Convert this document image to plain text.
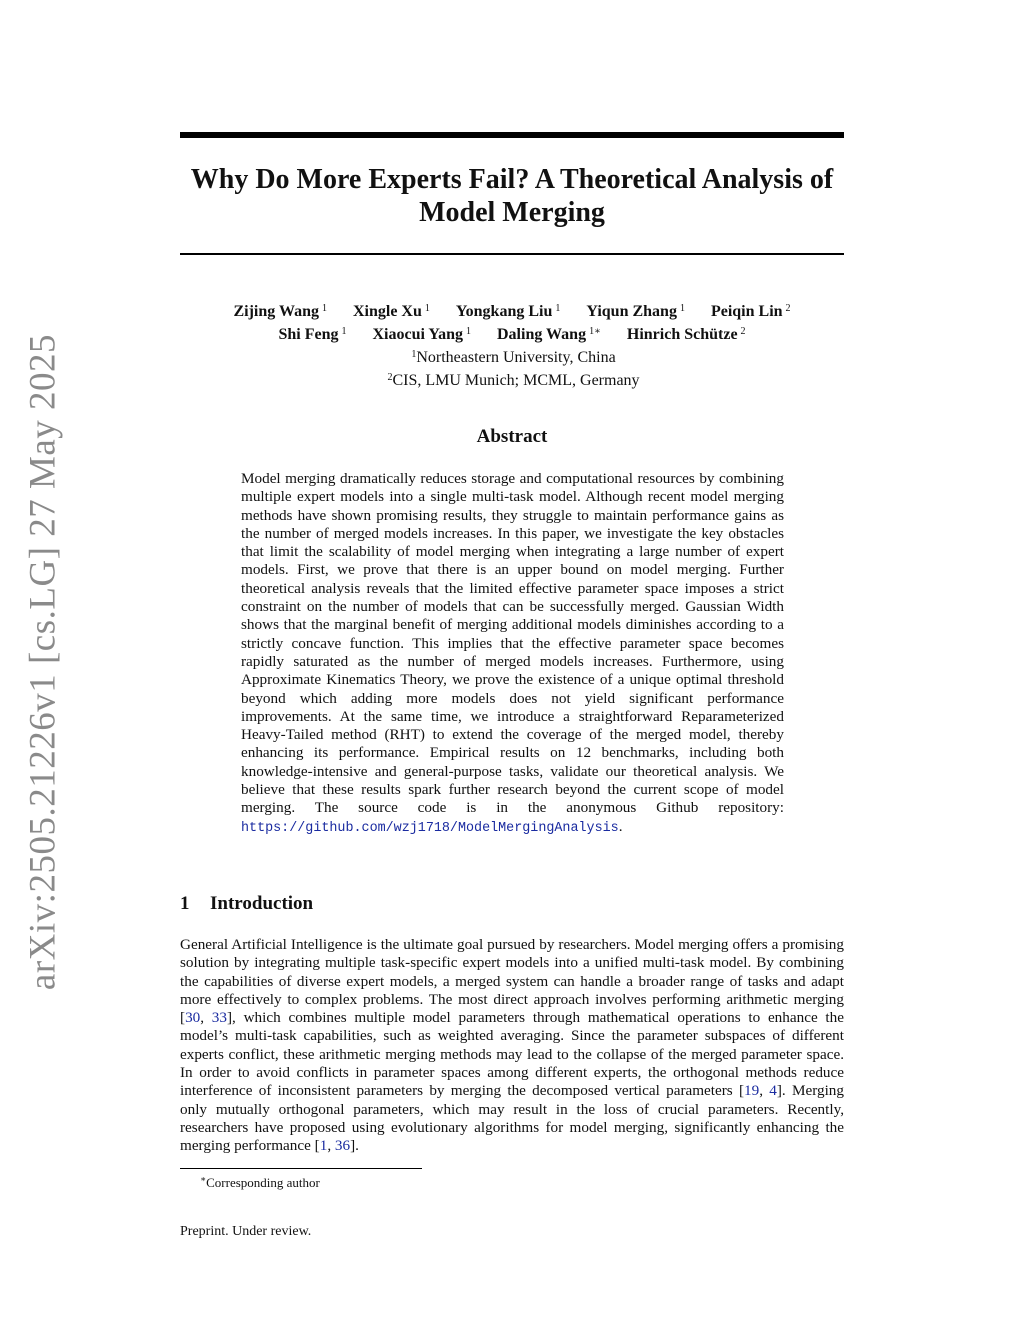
arXiv:2505.21226v1 [cs.LG] 27 May 2025
Why Do More Experts Fail? A Theoretical Analysis of Model Merging
Zijing Wang $^1$ Xingle Xu $^1$ Yongkang Liu $^1$ Yiqun Zhang $^1$ Peiqin Lin $^2$
Shi Feng $^1$ Xiaocui Yang $^1$ Daling Wang $^{1∗}$ Hinrich Schütze $^2$
$^1$Northeastern University, China
$^2$CIS, LMU Munich; MCML, Germany
Abstract

Model merging dramatically reduces storage and computational resources by combining multiple expert models into a single multi-task model. Although recent model merging methods have shown promising results, they struggle to maintain performance gains as the number of merged models increases. In this paper, we investigate the key obstacles that limit the scalability of model merging when integrating a large number of expert models. First, we prove that there is an upper bound on model merging. Further theoretical analysis reveals that the limited effective parameter space imposes a strict constraint on the number of models that can be successfully merged. Gaussian Width shows that the marginal benefit of merging additional models diminishes according to a strictly concave function. This implies that the effective parameter space becomes rapidly saturated as the number of merged models increases. Furthermore, using Approximate Kinematics Theory, we prove the existence of a unique optimal threshold beyond which adding more models does not yield significant performance improvements. At the same time, we introduce a straightforward Reparameterized Heavy-Tailed method (RHT) to extend the coverage of the merged model, thereby enhancing its performance. Empirical results on 12 benchmarks, including both knowledge-intensive and general-purpose tasks, validate our theoretical analysis. We believe that these results spark further research beyond the current scope of model merging. The source code is in the anonymous Github repository: https://github.com/wzj1718/ModelMergingAnalysis.

1 Introduction

General Artificial Intelligence is the ultimate goal pursued by researchers. Model merging offers a promising solution by integrating multiple task-specific expert models into a unified multi-task model. By combining the capabilities of diverse expert models, a merged system can handle a broader range of tasks and adapt more effectively to complex problems. The most direct approach involves performing arithmetic merging [30, 33], which combines multiple model parameters through mathematical operations to enhance the model’s multi-task capabilities, such as weighted averaging. Since the parameter subspaces of different experts conflict, these arithmetic merging methods may lead to the collapse of the merged parameter space. In order to avoid conflicts in parameter spaces among different experts, the orthogonal methods reduce interference of inconsistent parameters by merging the decomposed vertical parameters [19, 4]. Merging only mutually orthogonal parameters, which may result in the loss of crucial parameters. Recently, researchers have proposed using evolutionary algorithms for model merging, significantly enhancing the merging performance [1, 36].

∗Corresponding author
Preprint. Under review.
